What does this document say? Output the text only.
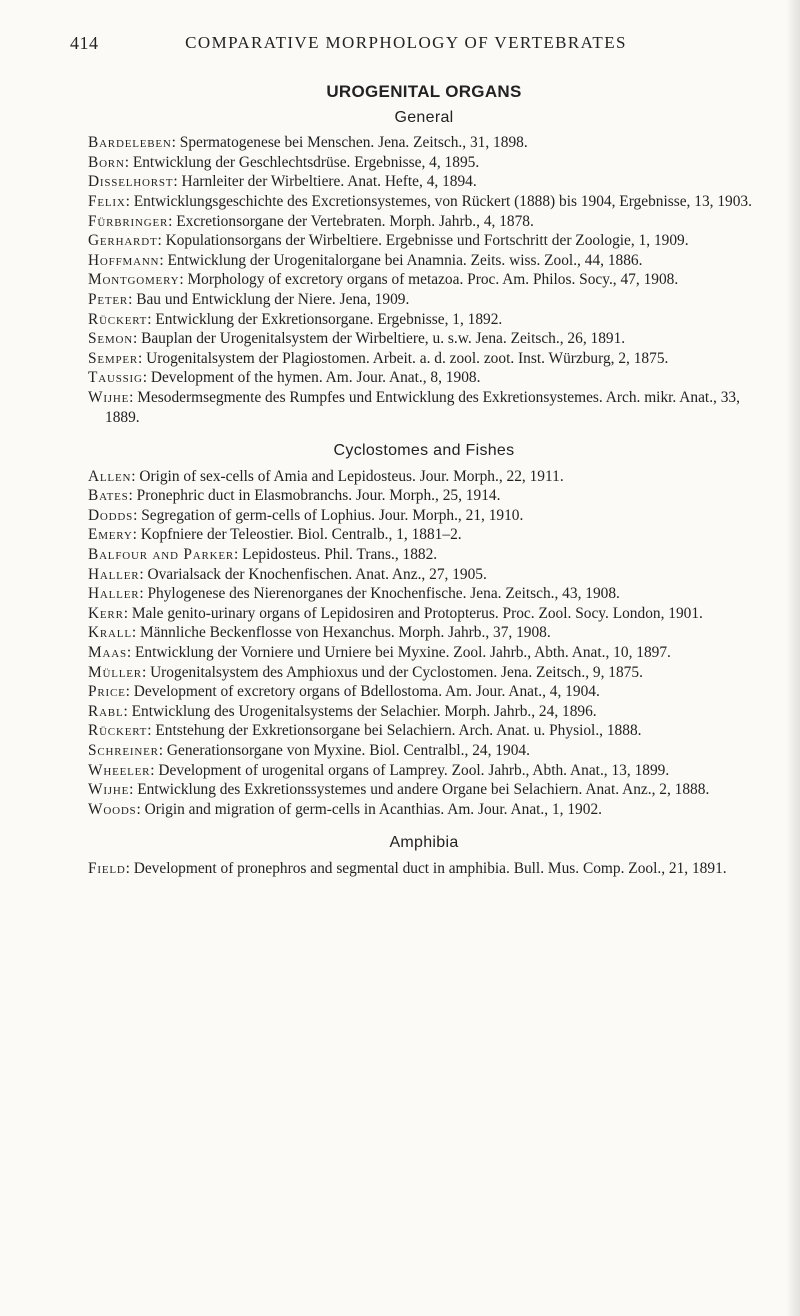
414	COMPARATIVE MORPHOLOGY OF VERTEBRATES
UROGENITAL ORGANS
General

Bardeleben: Spermatogenese bei Menschen. Jena. Zeitsch., 31, 1898.

Born: Entwicklung der Geschlechtsdrüse. Ergebnisse, 4, 1895.

Disselhorst: Harnleiter der Wirbeltiere. Anat. Hefte, 4, 1894.

Felix: Entwicklungsgeschichte des Excretionsystemes, von Rückert (1888) bis 1904, Ergebnisse, 13, 1903.

Fürbringer: Excretionsorgane der Vertebraten. Morph. Jahrb., 4, 1878.

Gerhardt: Kopulationsorgans der Wirbeltiere. Ergebnisse und Fortschritt der Zoologie, 1, 1909.

Hoffmann: Entwicklung der Urogenitalorgane bei Anamnia. Zeits. wiss. Zool., 44, 1886.

Montgomery: Morphology of excretory organs of metazoa. Proc. Am. Philos. Socy., 47, 1908.

Peter: Bau und Entwicklung der Niere. Jena, 1909.

Rückert: Entwicklung der Exkretionsorgane. Ergebnisse, 1, 1892.

Semon: Bauplan der Urogenitalsystem der Wirbeltiere, u. s.w. Jena. Zeitsch., 26, 1891.

Semper: Urogenitalsystem der Plagiostomen. Arbeit. a. d. zool. zoot. Inst. Würzburg, 2, 1875.

Taussig: Development of the hymen. Am. Jour. Anat., 8, 1908.

Wijhe: Mesodermsegmente des Rumpfes und Entwicklung des Exkretionsystemes. Arch. mikr. Anat., 33, 1889.

Cyclostomes and Fishes

Allen: Origin of sex-cells of Amia and Lepidosteus. Jour. Morph., 22, 1911.

Bates: Pronephric duct in Elasmobranchs. Jour. Morph., 25, 1914.

Dodds: Segregation of germ-cells of Lophius. Jour. Morph., 21, 1910.

Emery: Kopfniere der Teleostier. Biol. Centralb., 1, 1881–2.

Balfour and Parker: Lepidosteus. Phil. Trans., 1882.

Haller: Ovarialsack der Knochenfischen. Anat. Anz., 27, 1905.

Haller: Phylogenese des Nierenorganes der Knochenfische. Jena. Zeitsch., 43, 1908.

Kerr: Male genito-urinary organs of Lepidosiren and Protopterus. Proc. Zool. Socy. London, 1901.

Krall: Männliche Beckenflosse von Hexanchus. Morph. Jahrb., 37, 1908.

Maas: Entwicklung der Vorniere und Urniere bei Myxine. Zool. Jahrb., Abth. Anat., 10, 1897.

Müller: Urogenitalsystem des Amphioxus und der Cyclostomen. Jena. Zeitsch., 9, 1875.

Price: Development of excretory organs of Bdellostoma. Am. Jour. Anat., 4, 1904.

Rabl: Entwicklung des Urogenitalsystems der Selachier. Morph. Jahrb., 24, 1896.

Rückert: Entstehung der Exkretionsorgane bei Selachiern. Arch. Anat. u. Physiol., 1888.

Schreiner: Generationsorgane von Myxine. Biol. Centralbl., 24, 1904.

Wheeler: Development of urogenital organs of Lamprey. Zool. Jahrb., Abth. Anat., 13, 1899.

Wijhe: Entwicklung des Exkretionssystemes und andere Organe bei Selachiern. Anat. Anz., 2, 1888.

Woods: Origin and migration of germ-cells in Acanthias. Am. Jour. Anat., 1, 1902.

Amphibia

Field: Development of pronephros and segmental duct in amphibia. Bull. Mus. Comp. Zool., 21, 1891.
